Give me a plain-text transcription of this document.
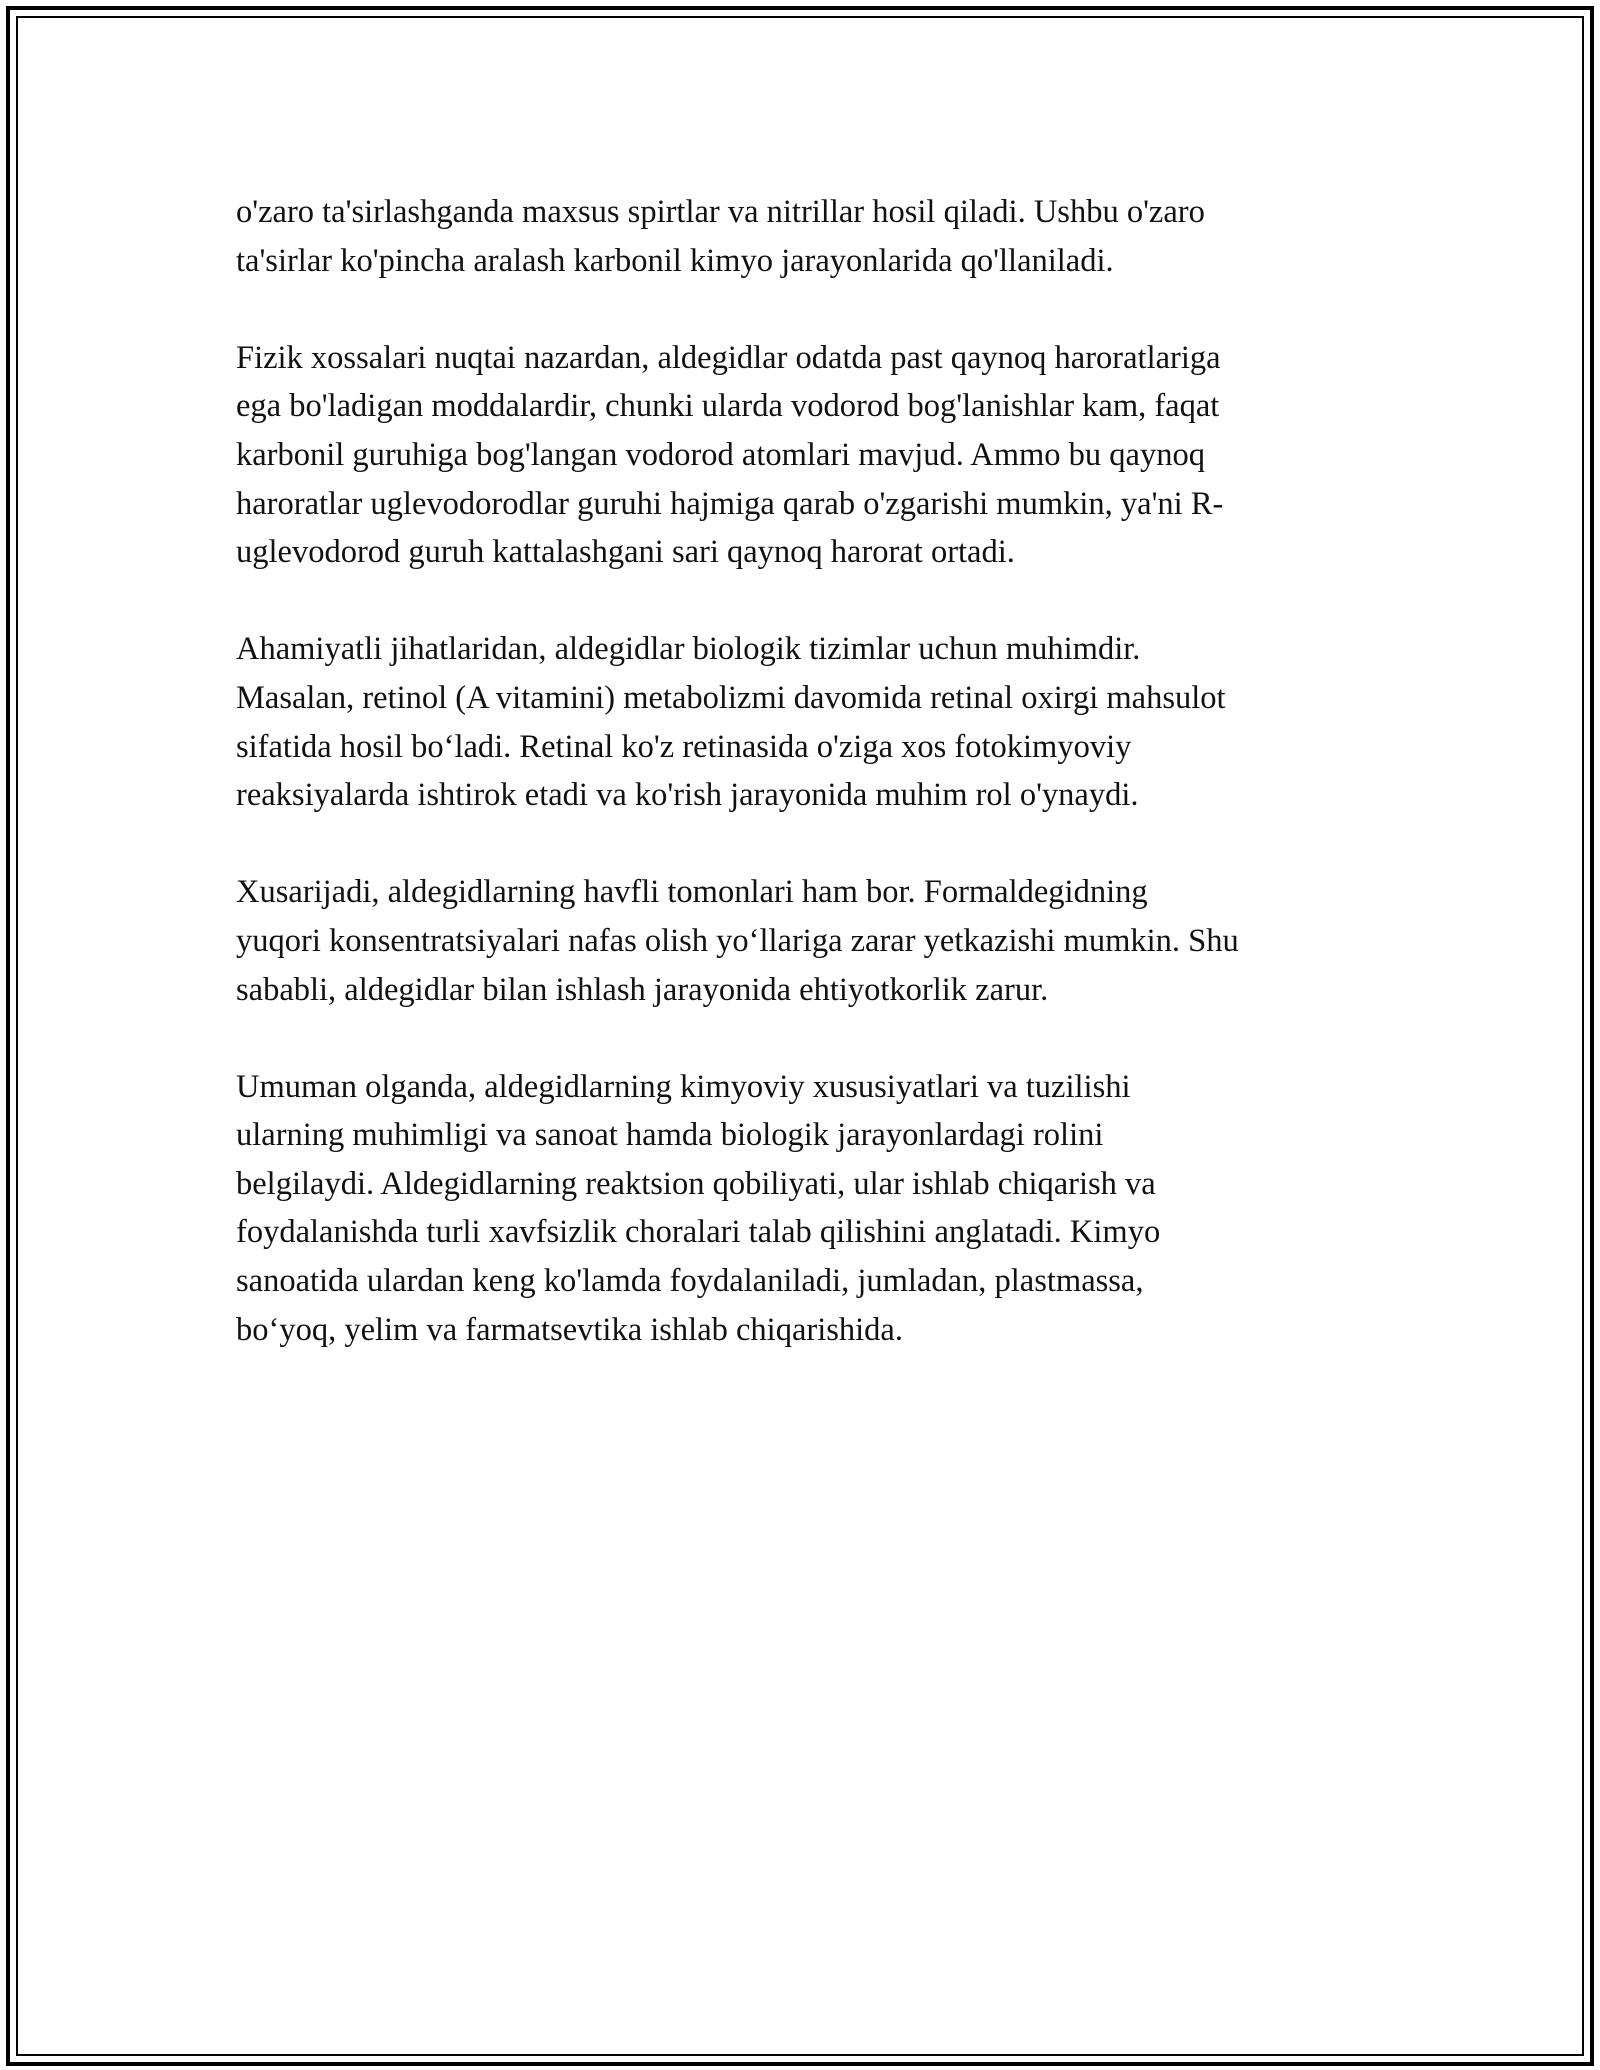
o'zaro ta'sirlashganda maxsus spirtlar va nitrillar hosil qiladi. Ushbu o'zaro
ta'sirlar ko'pincha aralash karbonil kimyo jarayonlarida qo'llaniladi.

Fizik xossalari nuqtai nazardan, aldegidlar odatda past qaynoq haroratlariga
ega bo'ladigan moddalardir, chunki ularda vodorod bog'lanishlar kam, faqat
karbonil guruhiga bog'langan vodorod atomlari mavjud. Ammo bu qaynoq
haroratlar uglevodorodlar guruhi hajmiga qarab o'zgarishi mumkin, ya'ni R-
uglevodorod guruh kattalashgani sari qaynoq harorat ortadi.

Ahamiyatli jihatlaridan, aldegidlar biologik tizimlar uchun muhimdir.
Masalan, retinol (A vitamini) metabolizmi davomida retinal oxirgi mahsulot
sifatida hosil bo‘ladi. Retinal ko'z retinasida o'ziga xos fotokimyoviy
reaksiyalarda ishtirok etadi va ko'rish jarayonida muhim rol o'ynaydi.

Xusarijadi, aldegidlarning havfli tomonlari ham bor. Formaldegidning
yuqori konsentratsiyalari nafas olish yo‘llariga zarar yetkazishi mumkin. Shu
sababli, aldegidlar bilan ishlash jarayonida ehtiyotkorlik zarur.

Umuman olganda, aldegidlarning kimyoviy xususiyatlari va tuzilishi
ularning muhimligi va sanoat hamda biologik jarayonlardagi rolini
belgilaydi. Aldegidlarning reaktsion qobiliyati, ular ishlab chiqarish va
foydalanishda turli xavfsizlik choralari talab qilishini anglatadi. Kimyo
sanoatida ulardan keng ko'lamda foydalaniladi, jumladan, plastmassa,
bo‘yoq, yelim va farmatsevtika ishlab chiqarishida.
